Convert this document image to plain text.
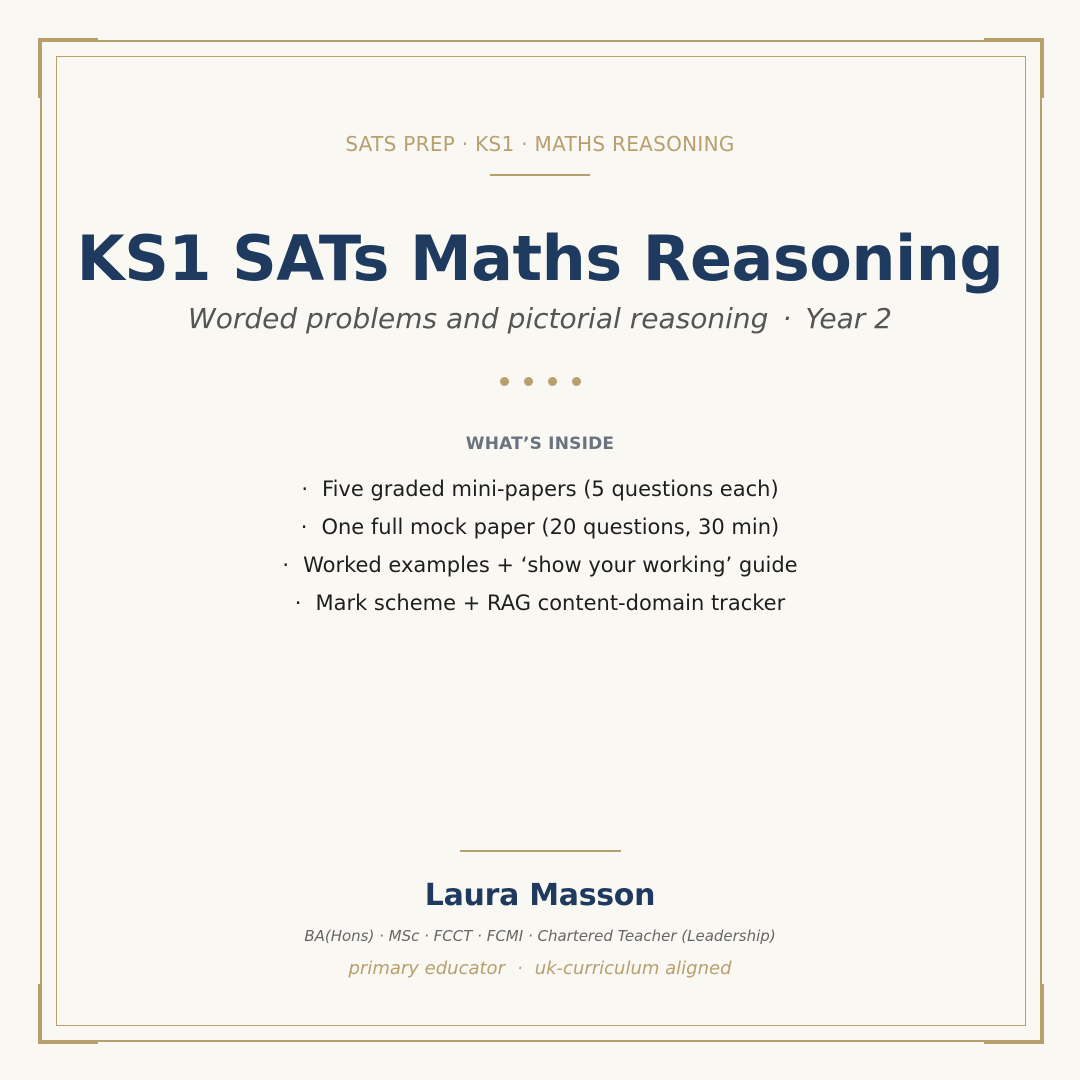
SATS PREP · KS1 · MATHS REASONING
KS1 SATs Maths Reasoning
Worded problems and pictorial reasoning · Year 2
WHAT’S INSIDE
· Five graded mini-papers (5 questions each)
· One full mock paper (20 questions, 30 min)
· Worked examples + ‘show your working’ guide
· Mark scheme + RAG content-domain tracker
Laura Masson
BA(Hons) · MSc · FCCT · FCMI · Chartered Teacher (Leadership)
primary educator · uk-curriculum aligned
